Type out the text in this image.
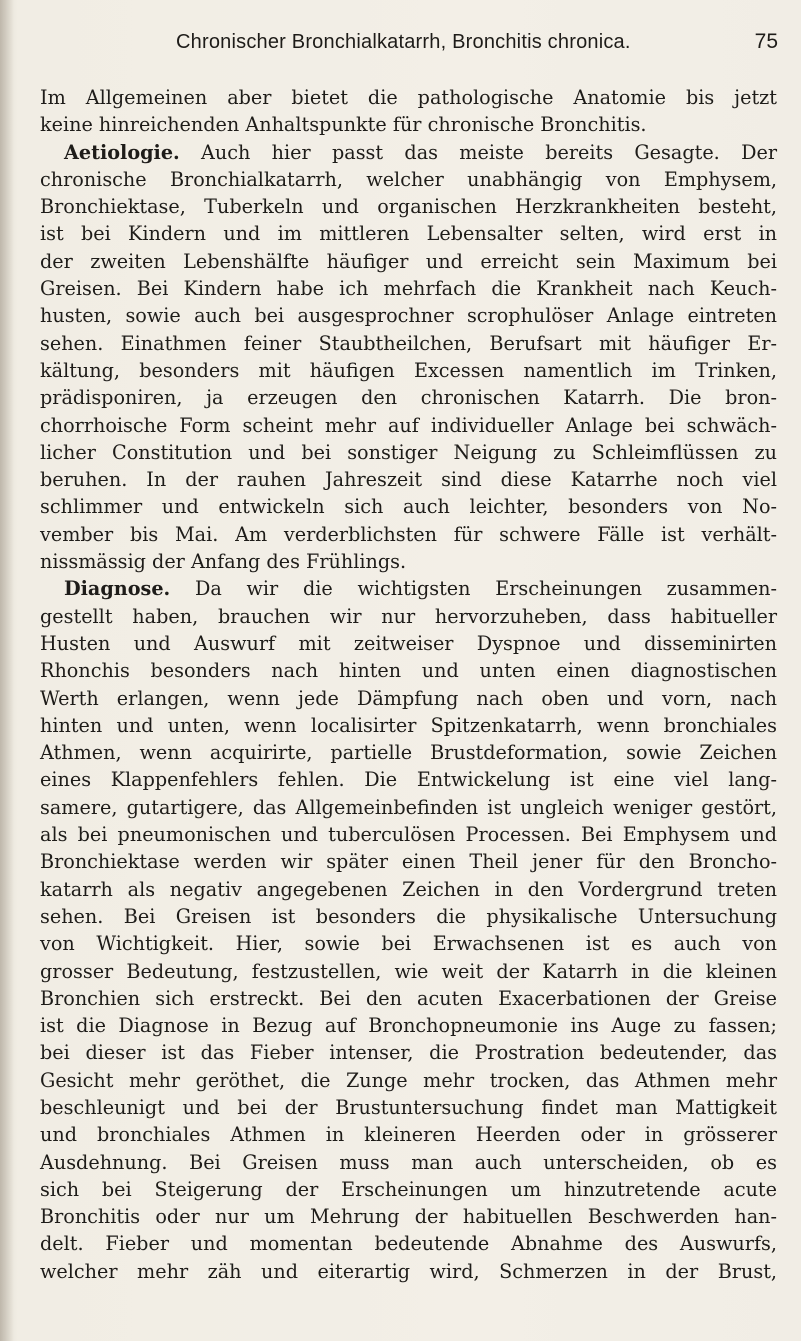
Chronischer Bronchialkatarrh, Bronchitis chronica.	75
Im Allgemeinen aber bietet die pathologische Anatomie bis jetzt
keine hinreichenden Anhaltspunkte für chronische Bronchitis.
Aetiologie. Auch hier passt das meiste bereits Gesagte. Der
chronische Bronchialkatarrh, welcher unabhängig von Emphysem,
Bronchiektase, Tuberkeln und organischen Herzkrankheiten besteht,
ist bei Kindern und im mittleren Lebensalter selten, wird erst in
der zweiten Lebenshälfte häufiger und erreicht sein Maximum bei
Greisen. Bei Kindern habe ich mehrfach die Krankheit nach Keuch-
husten, sowie auch bei ausgesprochner scrophulöser Anlage eintreten
sehen. Einathmen feiner Staubtheilchen, Berufsart mit häufiger Er-
kältung, besonders mit häufigen Excessen namentlich im Trinken,
prädisponiren, ja erzeugen den chronischen Katarrh. Die bron-
chorrhoische Form scheint mehr auf individueller Anlage bei schwäch-
licher Constitution und bei sonstiger Neigung zu Schleimflüssen zu
beruhen. In der rauhen Jahreszeit sind diese Katarrhe noch viel
schlimmer und entwickeln sich auch leichter, besonders von No-
vember bis Mai. Am verderblichsten für schwere Fälle ist verhält-
nissmässig der Anfang des Frühlings.
Diagnose. Da wir die wichtigsten Erscheinungen zusammen-
gestellt haben, brauchen wir nur hervorzuheben, dass habitueller
Husten und Auswurf mit zeitweiser Dyspnoe und disseminirten
Rhonchis besonders nach hinten und unten einen diagnostischen
Werth erlangen, wenn jede Dämpfung nach oben und vorn, nach
hinten und unten, wenn localisirter Spitzenkatarrh, wenn bronchiales
Athmen, wenn acquirirte, partielle Brustdeformation, sowie Zeichen
eines Klappenfehlers fehlen. Die Entwickelung ist eine viel lang-
samere, gutartigere, das Allgemeinbefinden ist ungleich weniger gestört,
als bei pneumonischen und tuberculösen Processen. Bei Emphysem und
Bronchiektase werden wir später einen Theil jener für den Broncho-
katarrh als negativ angegebenen Zeichen in den Vordergrund treten
sehen. Bei Greisen ist besonders die physikalische Untersuchung
von Wichtigkeit. Hier, sowie bei Erwachsenen ist es auch von
grosser Bedeutung, festzustellen, wie weit der Katarrh in die kleinen
Bronchien sich erstreckt. Bei den acuten Exacerbationen der Greise
ist die Diagnose in Bezug auf Bronchopneumonie ins Auge zu fassen;
bei dieser ist das Fieber intenser, die Prostration bedeutender, das
Gesicht mehr geröthet, die Zunge mehr trocken, das Athmen mehr
beschleunigt und bei der Brustuntersuchung findet man Mattigkeit
und bronchiales Athmen in kleineren Heerden oder in grösserer
Ausdehnung. Bei Greisen muss man auch unterscheiden, ob es
sich bei Steigerung der Erscheinungen um hinzutretende acute
Bronchitis oder nur um Mehrung der habituellen Beschwerden han-
delt. Fieber und momentan bedeutende Abnahme des Auswurfs,
welcher mehr zäh und eiterartig wird, Schmerzen in der Brust,
